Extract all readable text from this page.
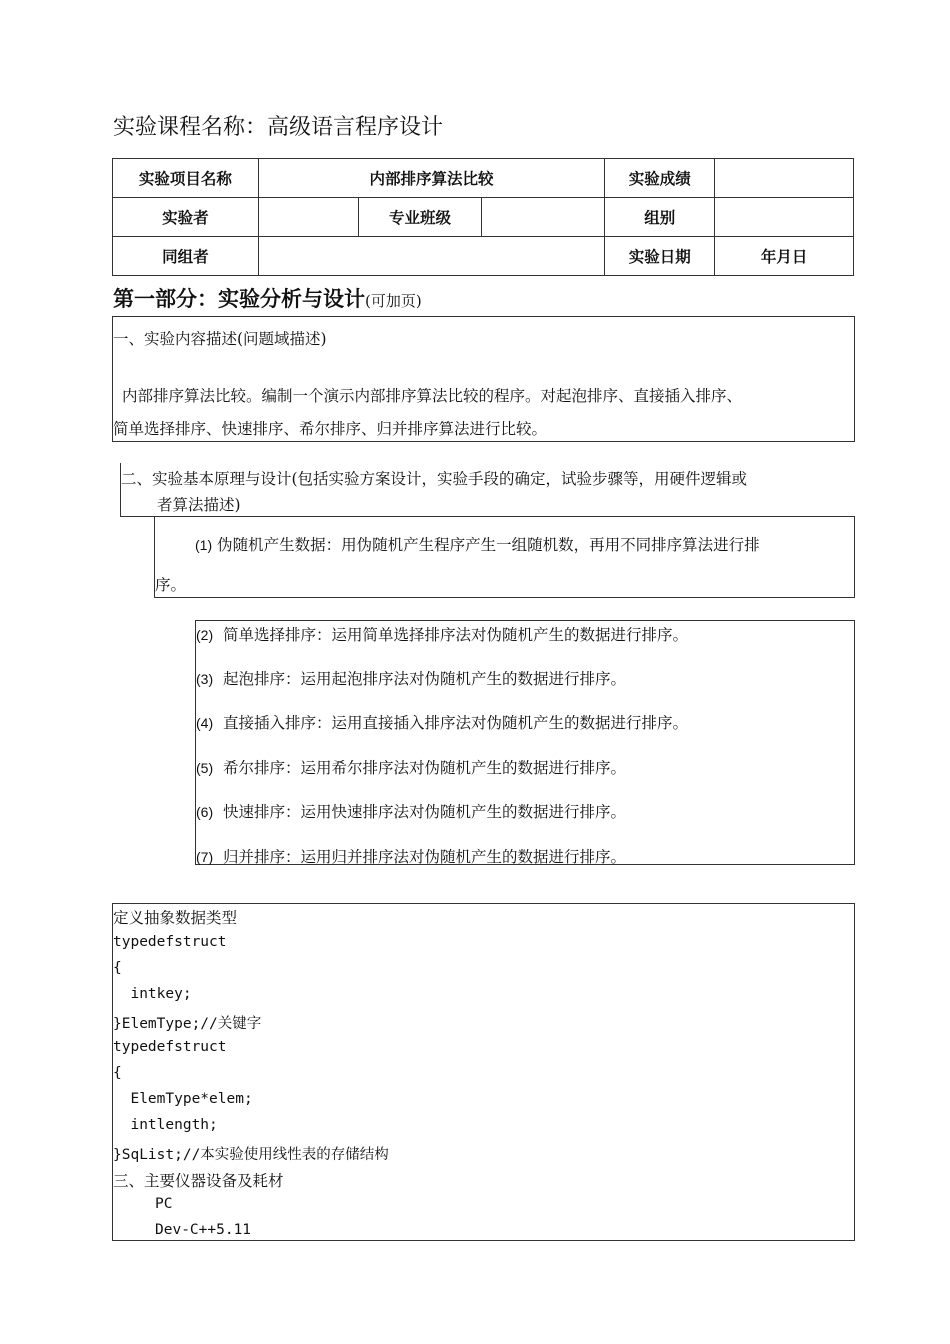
实验课程名称：高级语言程序设计
实验项目名称	内部排序算法比较			实验成绩	
实验者		专业班级		组别	
同组者				实验日期	年月日
第一部分：实验分析与设计(可加页)
一、实验内容描述(问题域描述)
内部排序算法比较。编制一个演示内部排序算法比较的程序。对起泡排序、直接插入排序、
简单选择排序、快速排序、希尔排序、归并排序算法进行比较。
二、实验基本原理与设计(包括实验方案设计，实验手段的确定，试验步骤等，用硬件逻辑或
者算法描述)
(1) 伪随机产生数据：用伪随机产生程序产生一组随机数，再用不同排序算法进行排
序。
(2) 简单选择排序：运用简单选择排序法对伪随机产生的数据进行排序。
(3) 起泡排序：运用起泡排序法对伪随机产生的数据进行排序。
(4) 直接插入排序：运用直接插入排序法对伪随机产生的数据进行排序。
(5) 希尔排序：运用希尔排序法对伪随机产生的数据进行排序。
(6) 快速排序：运用快速排序法对伪随机产生的数据进行排序。
(7) 归并排序：运用归并排序法对伪随机产生的数据进行排序。
定义抽象数据类型
typedefstruct
{
intkey;
}ElemType;//关键字
typedefstruct
{
ElemType*elem;
intlength;
}SqList;//本实验使用线性表的存储结构
三、主要仪器设备及耗材
PC
Dev-C++5.11
